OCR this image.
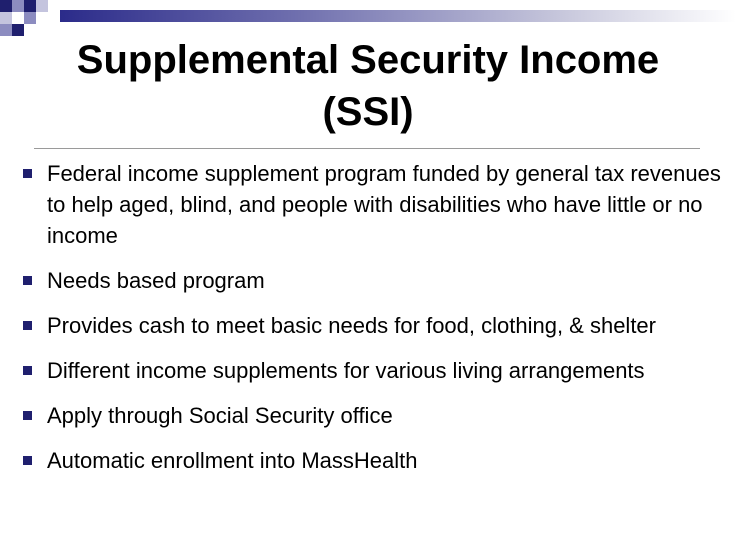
Supplemental Security Income
(SSI)
Federal income supplement program funded by general tax revenues to help aged, blind, and people with disabilities who have little or no income
Needs based program
Provides cash to meet basic needs for food, clothing, & shelter
Different income supplements for various living arrangements
Apply through Social Security office
Automatic enrollment into MassHealth
